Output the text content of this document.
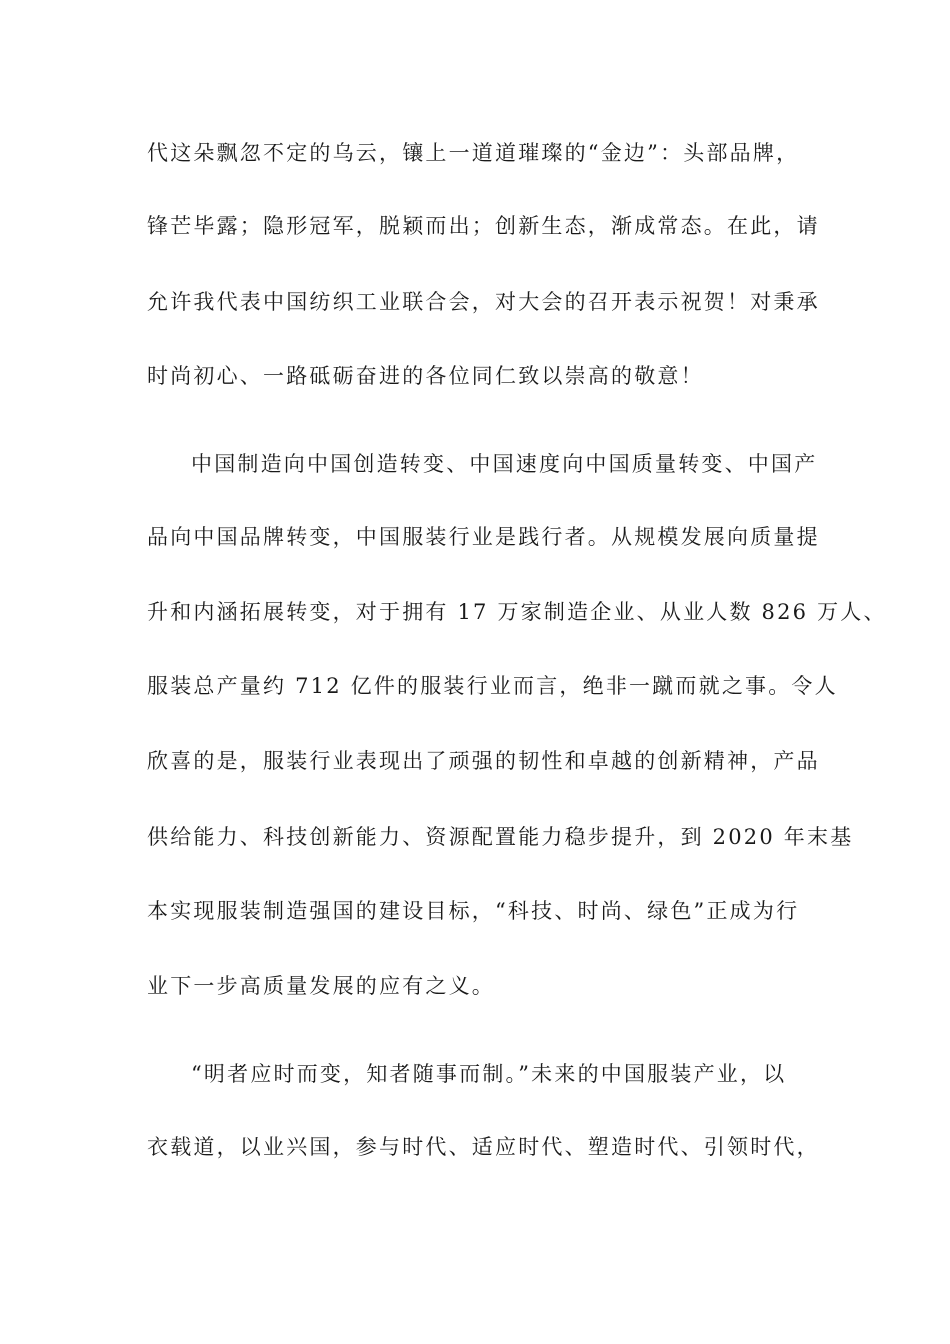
代这朵飘忽不定的乌云，镶上一道道璀璨的“金边”：头部品牌，
锋芒毕露；隐形冠军，脱颖而出；创新生态，渐成常态。在此，请
允许我代表中国纺织工业联合会，对大会的召开表示祝贺！对秉承
时尚初心、一路砥砺奋进的各位同仁致以崇高的敬意！
中国制造向中国创造转变、中国速度向中国质量转变、中国产
品向中国品牌转变，中国服装行业是践行者。从规模发展向质量提
升和内涵拓展转变，对于拥有 17 万家制造企业、从业人数 826 万人、
服装总产量约 712 亿件的服装行业而言，绝非一蹴而就之事。令人
欣喜的是，服装行业表现出了顽强的韧性和卓越的创新精神，产品
供给能力、科技创新能力、资源配置能力稳步提升，到 2020 年末基
本实现服装制造强国的建设目标，“科技、时尚、绿色”正成为行
业下一步高质量发展的应有之义。
“明者应时而变，知者随事而制。”未来的中国服装产业，以
衣载道，以业兴国，参与时代、适应时代、塑造时代、引领时代，
